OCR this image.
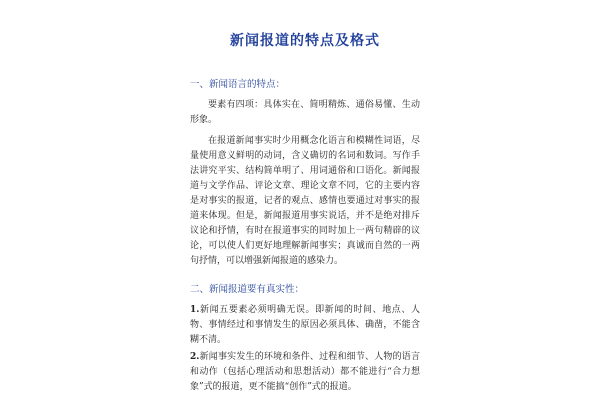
新闻报道的特点及格式
一、新闻语言的特点：

要素有四项：具体实在、简明精炼、通俗易懂、生动形象。

在报道新闻事实时少用概念化语言和模糊性词语，尽量使用意义鲜明的动词，含义确切的名词和数词。写作手法讲究平实、结构简单明了、用词通俗和口语化。新闻报道与文学作品、评论文章、理论文章不同，它的主要内容是对事实的报道，记者的观点、感情也要通过对事实的报道来体现。但是，新闻报道用事实说话，并不是绝对排斥议论和抒情，有时在报道事实的同时加上一两句精辟的议论，可以使人们更好地理解新闻事实；真诚而自然的一两句抒情，可以增强新闻报道的感染力。

二、新闻报道要有真实性：

1.新闻五要素必须明确无误。即新闻的时间、地点、人物、事情经过和事情发生的原因必须具体、确凿，不能含糊不清。

2.新闻事实发生的环境和条件、过程和细节、人物的语言和动作（包括心理活动和思想活动）都不能进行“合力想象”式的报道，更不能搞“创作”式的报道。
